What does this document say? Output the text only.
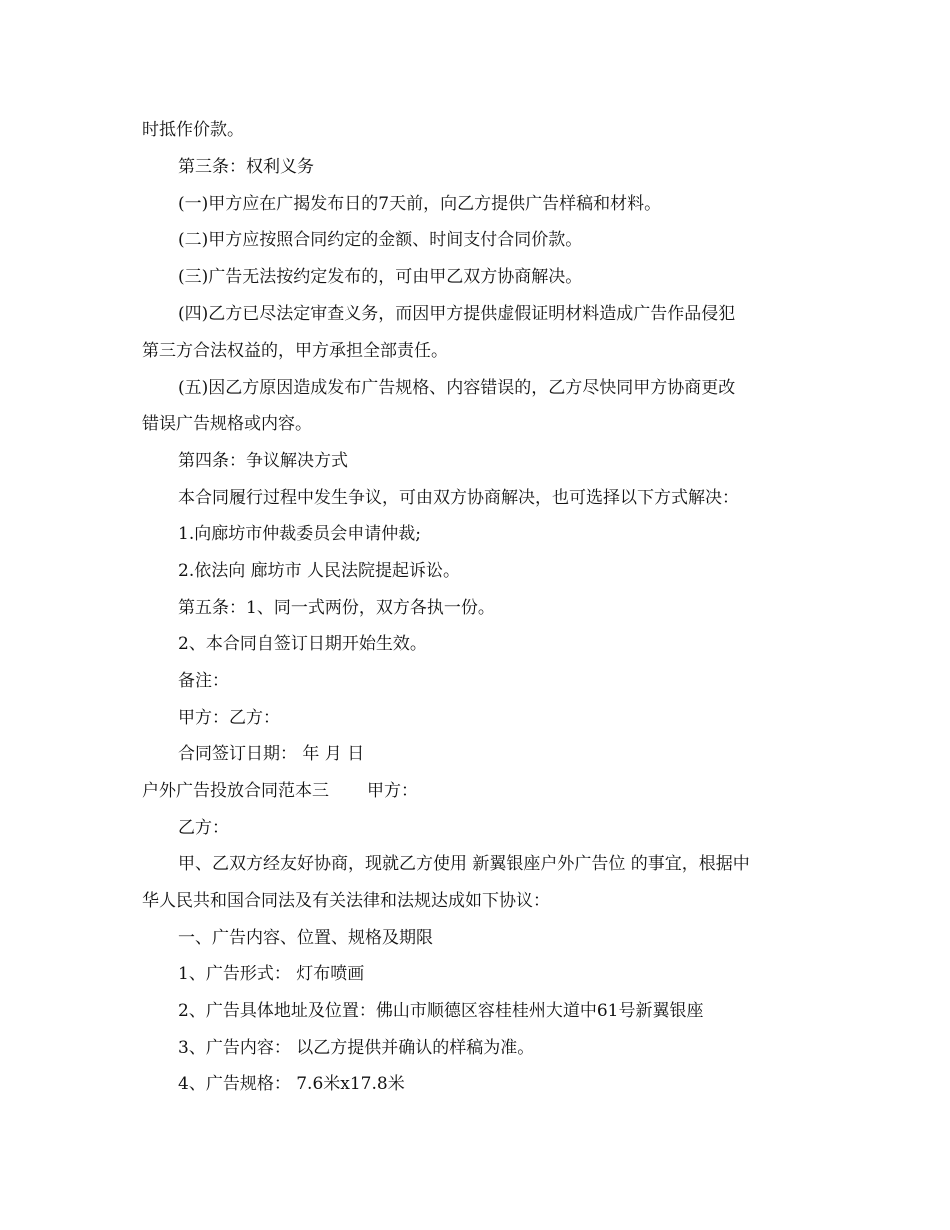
时抵作价款。
第三条：权利义务
(一)甲方应在广揭发布日的7天前，向乙方提供广告样稿和材料。
(二)甲方应按照合同约定的金额、时间支付合同价款。
(三)广告无法按约定发布的，可由甲乙双方协商解决。
(四)乙方已尽法定审查义务，而因甲方提供虚假证明材料造成广告作品侵犯
第三方合法权益的，甲方承担全部责任。
(五)因乙方原因造成发布广告规格、内容错误的，乙方尽快同甲方协商更改
错误广告规格或内容。
第四条：争议解决方式
本合同履行过程中发生争议，可由双方协商解决，也可选择以下方式解决：
1.向廊坊市仲裁委员会申请仲裁;
2.依法向 廊坊市 人民法院提起诉讼。
第五条：1、同一式两份，双方各执一份。
2、本合同自签订日期开始生效。
备注：
甲方：乙方：
合同签订日期： 年 月 日
户外广告投放合同范本三 甲方：
乙方：
甲、乙双方经友好协商，现就乙方使用 新翼银座户外广告位 的事宜，根据中
华人民共和国合同法及有关法律和法规达成如下协议：
一、广告内容、位置、规格及期限
1、广告形式： 灯布喷画
2、广告具体地址及位置：佛山市顺德区容桂桂州大道中61号新翼银座
3、广告内容： 以乙方提供并确认的样稿为准。
4、广告规格： 7.6米x17.8米
